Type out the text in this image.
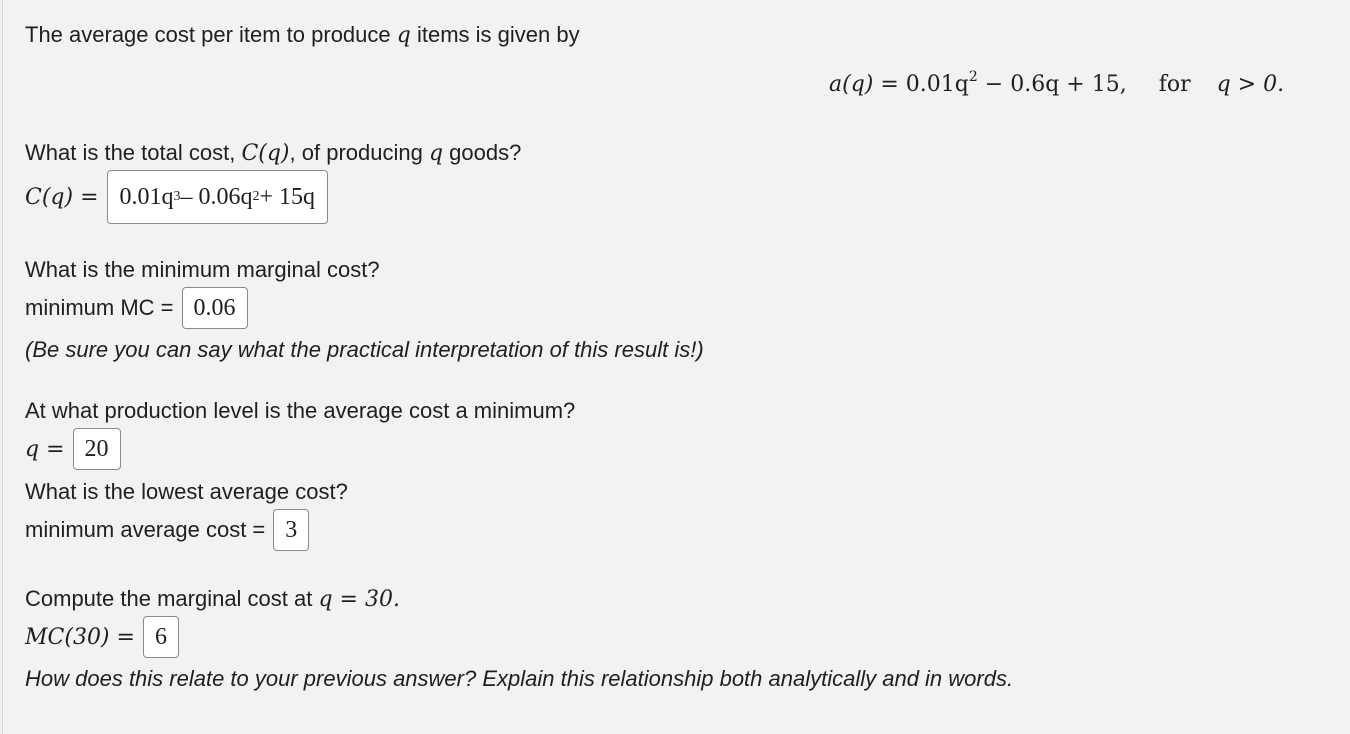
The average cost per item to produce q items is given by
$a(q) = 0.01q^2 - 0.6q + 15$, for q > 0.
What is the total cost, C(q), of producing q goods?
C(q) = 0.01q 3 – 0.06q 2 + 15q
What is the minimum marginal cost?
minimum MC = 0.06
(Be sure you can say what the practical interpretation of this result is!)
At what production level is the average cost a minimum?
q = 20
What is the lowest average cost?
minimum average cost = 3
Compute the marginal cost at q = 30.
MC(30) = 6
How does this relate to your previous answer? Explain this relationship both analytically and in words.
